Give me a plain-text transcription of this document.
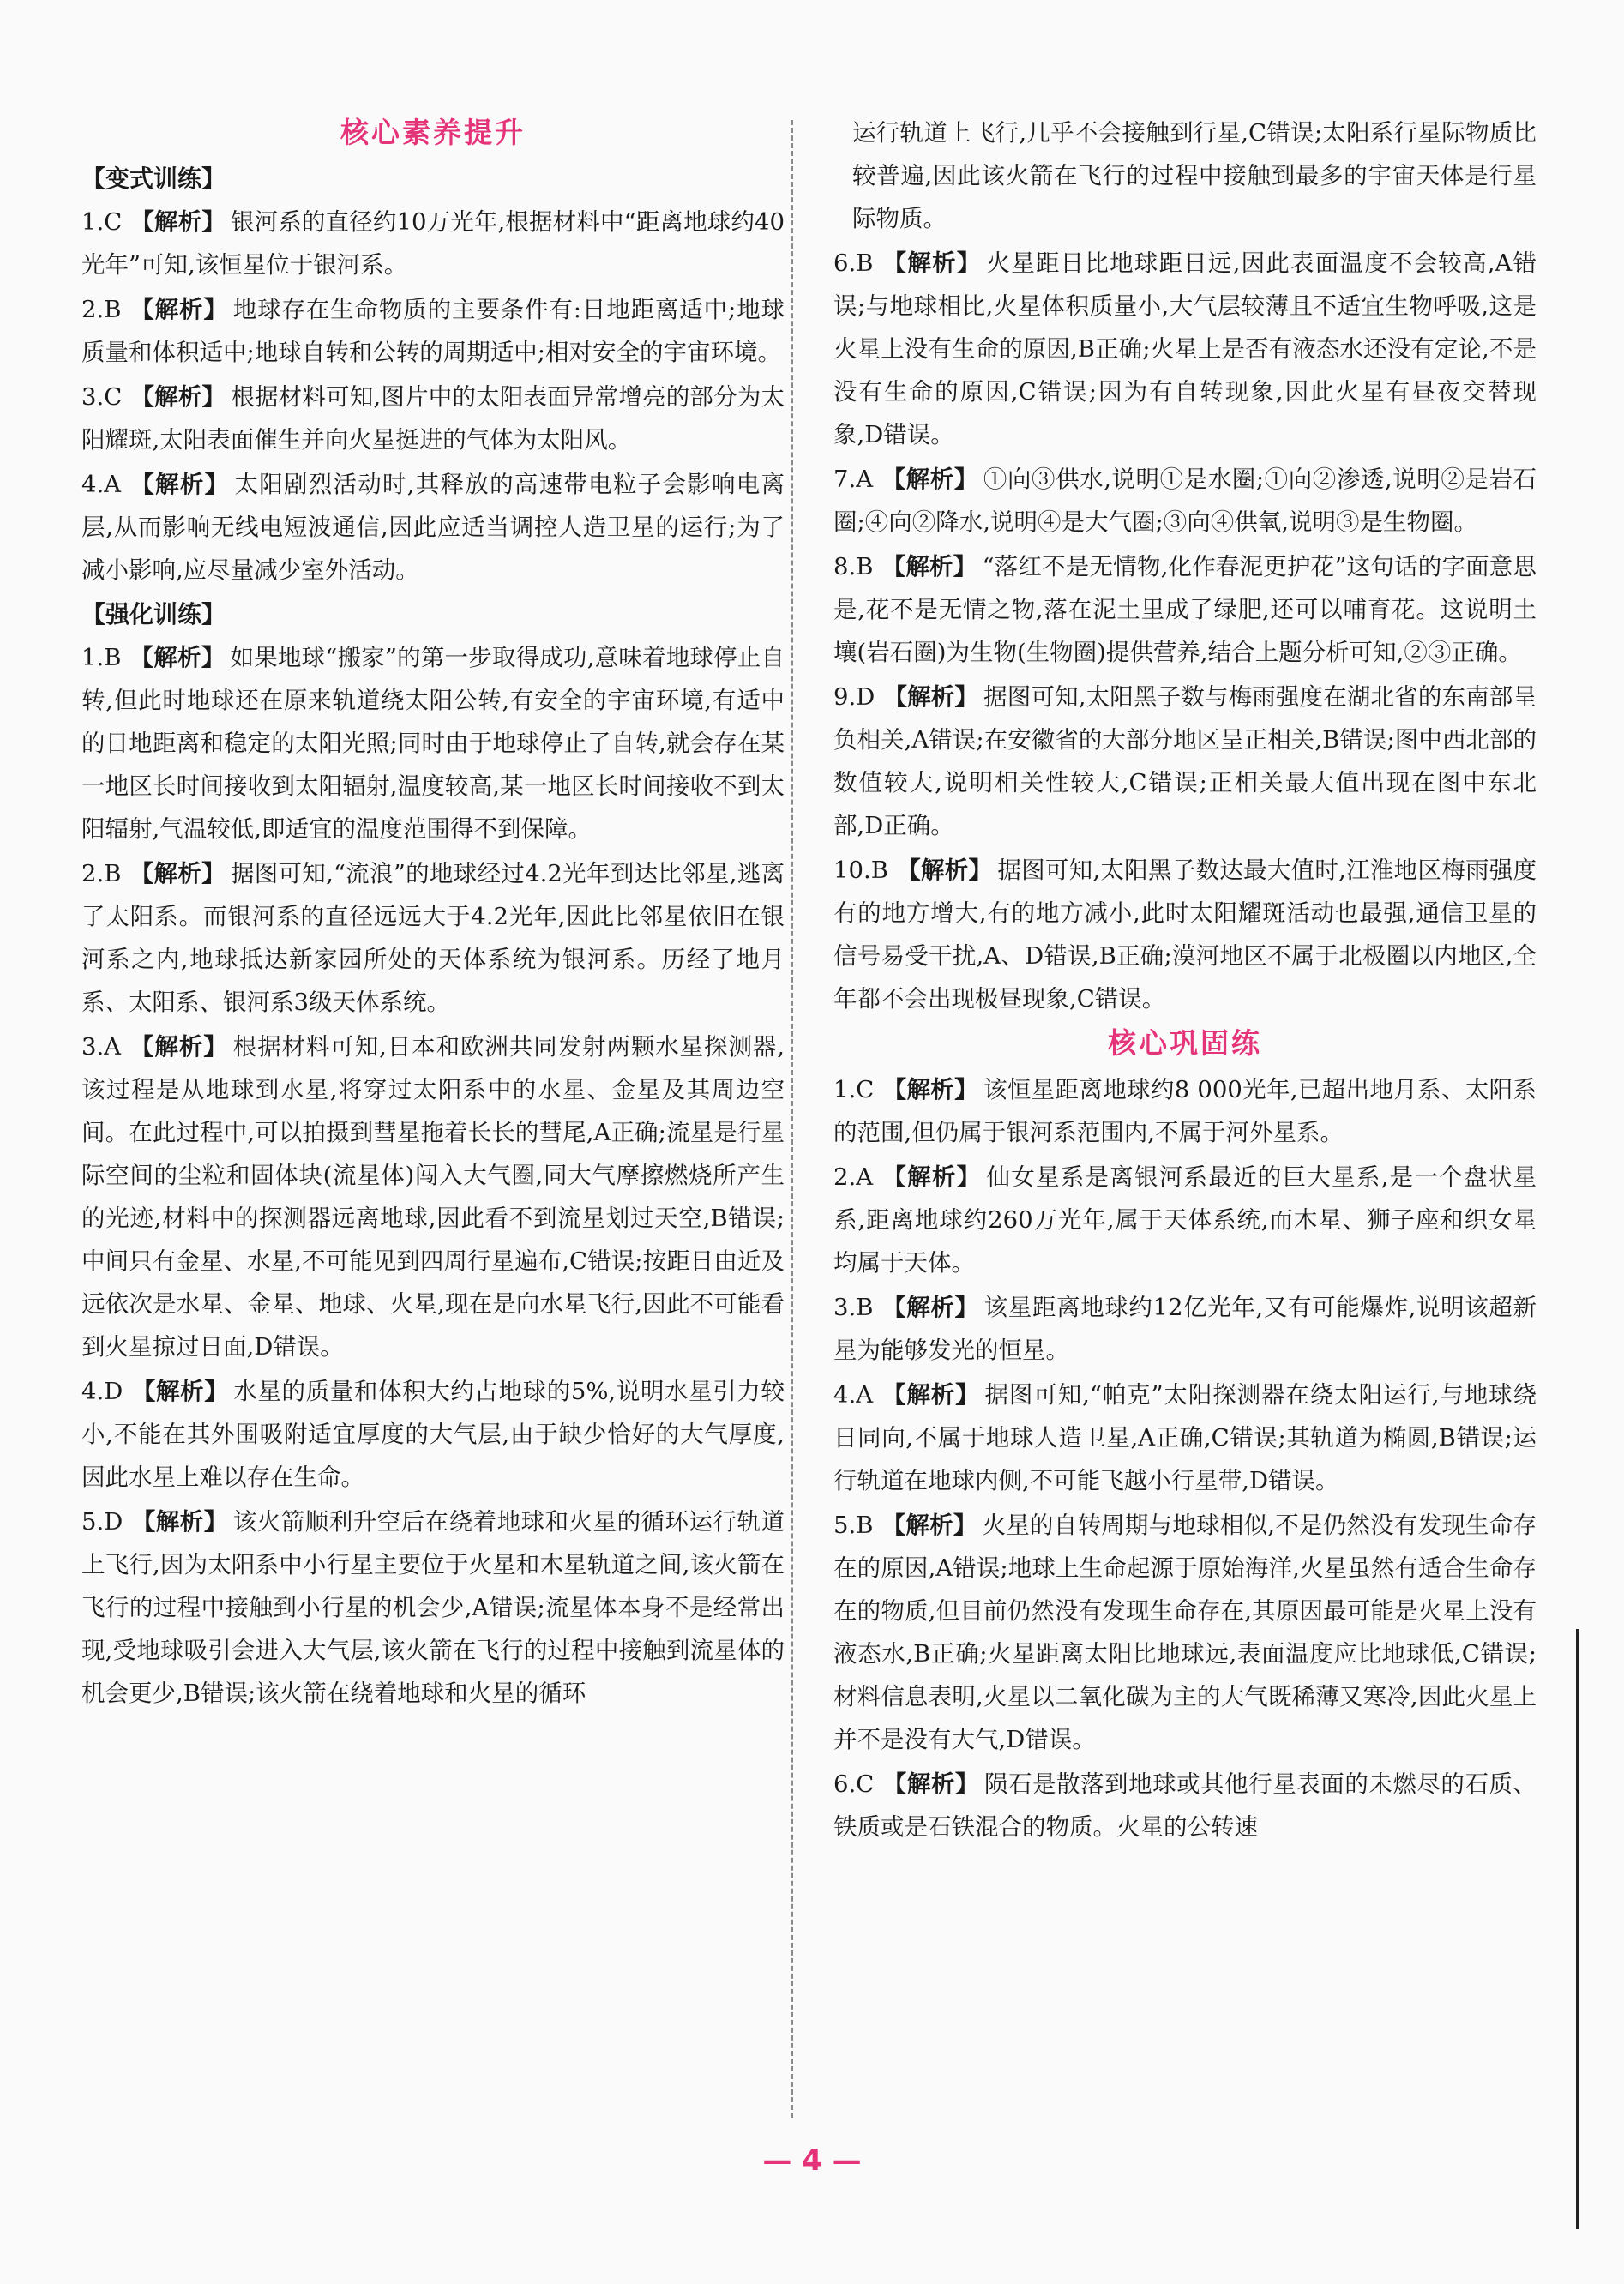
核心素养提升
【变式训练】
1.C 【解析】 银河系的直径约10万光年,根据材料中“距离地球约40光年”可知,该恒星位于银河系。
2.B 【解析】 地球存在生命物质的主要条件有:日地距离适中;地球质量和体积适中;地球自转和公转的周期适中;相对安全的宇宙环境。
3.C 【解析】 根据材料可知,图片中的太阳表面异常增亮的部分为太阳耀斑,太阳表面催生并向火星挺进的气体为太阳风。
4.A 【解析】 太阳剧烈活动时,其释放的高速带电粒子会影响电离层,从而影响无线电短波通信,因此应适当调控人造卫星的运行;为了减小影响,应尽量减少室外活动。
【强化训练】
1.B 【解析】 如果地球“搬家”的第一步取得成功,意味着地球停止自转,但此时地球还在原来轨道绕太阳公转,有安全的宇宙环境,有适中的日地距离和稳定的太阳光照;同时由于地球停止了自转,就会存在某一地区长时间接收到太阳辐射,温度较高,某一地区长时间接收不到太阳辐射,气温较低,即适宜的温度范围得不到保障。
2.B 【解析】 据图可知,“流浪”的地球经过4.2光年到达比邻星,逃离了太阳系。而银河系的直径远远大于4.2光年,因此比邻星依旧在银河系之内,地球抵达新家园所处的天体系统为银河系。历经了地月系、太阳系、银河系3级天体系统。
3.A 【解析】 根据材料可知,日本和欧洲共同发射两颗水星探测器,该过程是从地球到水星,将穿过太阳系中的水星、金星及其周边空间。在此过程中,可以拍摄到彗星拖着长长的彗尾,A正确;流星是行星际空间的尘粒和固体块(流星体)闯入大气圈,同大气摩擦燃烧所产生的光迹,材料中的探测器远离地球,因此看不到流星划过天空,B错误;中间只有金星、水星,不可能见到四周行星遍布,C错误;按距日由近及远依次是水星、金星、地球、火星,现在是向水星飞行,因此不可能看到火星掠过日面,D错误。
4.D 【解析】 水星的质量和体积大约占地球的5%,说明水星引力较小,不能在其外围吸附适宜厚度的大气层,由于缺少恰好的大气厚度,因此水星上难以存在生命。
5.D 【解析】 该火箭顺利升空后在绕着地球和火星的循环运行轨道上飞行,因为太阳系中小行星主要位于火星和木星轨道之间,该火箭在飞行的过程中接触到小行星的机会少,A错误;流星体本身不是经常出现,受地球吸引会进入大气层,该火箭在飞行的过程中接触到流星体的机会更少,B错误;该火箭在绕着地球和火星的循环
运行轨道上飞行,几乎不会接触到行星,C错误;太阳系行星际物质比较普遍,因此该火箭在飞行的过程中接触到最多的宇宙天体是行星际物质。
6.B 【解析】 火星距日比地球距日远,因此表面温度不会较高,A错误;与地球相比,火星体积质量小,大气层较薄且不适宜生物呼吸,这是火星上没有生命的原因,B正确;火星上是否有液态水还没有定论,不是没有生命的原因,C错误;因为有自转现象,因此火星有昼夜交替现象,D错误。
7.A 【解析】 ①向③供水,说明①是水圈;①向②渗透,说明②是岩石圈;④向②降水,说明④是大气圈;③向④供氧,说明③是生物圈。
8.B 【解析】 “落红不是无情物,化作春泥更护花”这句话的字面意思是,花不是无情之物,落在泥土里成了绿肥,还可以哺育花。这说明土壤(岩石圈)为生物(生物圈)提供营养,结合上题分析可知,②③正确。
9.D 【解析】 据图可知,太阳黑子数与梅雨强度在湖北省的东南部呈负相关,A错误;在安徽省的大部分地区呈正相关,B错误;图中西北部的数值较大,说明相关性较大,C错误;正相关最大值出现在图中东北部,D正确。
10.B 【解析】 据图可知,太阳黑子数达最大值时,江淮地区梅雨强度有的地方增大,有的地方减小,此时太阳耀斑活动也最强,通信卫星的信号易受干扰,A、D错误,B正确;漠河地区不属于北极圈以内地区,全年都不会出现极昼现象,C错误。
核心巩固练
1.C 【解析】 该恒星距离地球约8 000光年,已超出地月系、太阳系的范围,但仍属于银河系范围内,不属于河外星系。
2.A 【解析】 仙女星系是离银河系最近的巨大星系,是一个盘状星系,距离地球约260万光年,属于天体系统,而木星、狮子座和织女星均属于天体。
3.B 【解析】 该星距离地球约12亿光年,又有可能爆炸,说明该超新星为能够发光的恒星。
4.A 【解析】 据图可知,“帕克”太阳探测器在绕太阳运行,与地球绕日同向,不属于地球人造卫星,A正确,C错误;其轨道为椭圆,B错误;运行轨道在地球内侧,不可能飞越小行星带,D错误。
5.B 【解析】 火星的自转周期与地球相似,不是仍然没有发现生命存在的原因,A错误;地球上生命起源于原始海洋,火星虽然有适合生命存在的物质,但目前仍然没有发现生命存在,其原因最可能是火星上没有液态水,B正确;火星距离太阳比地球远,表面温度应比地球低,C错误;材料信息表明,火星以二氧化碳为主的大气既稀薄又寒冷,因此火星上并不是没有大气,D错误。
6.C 【解析】 陨石是散落到地球或其他行星表面的未燃尽的石质、铁质或是石铁混合的物质。火星的公转速
— 4 —
